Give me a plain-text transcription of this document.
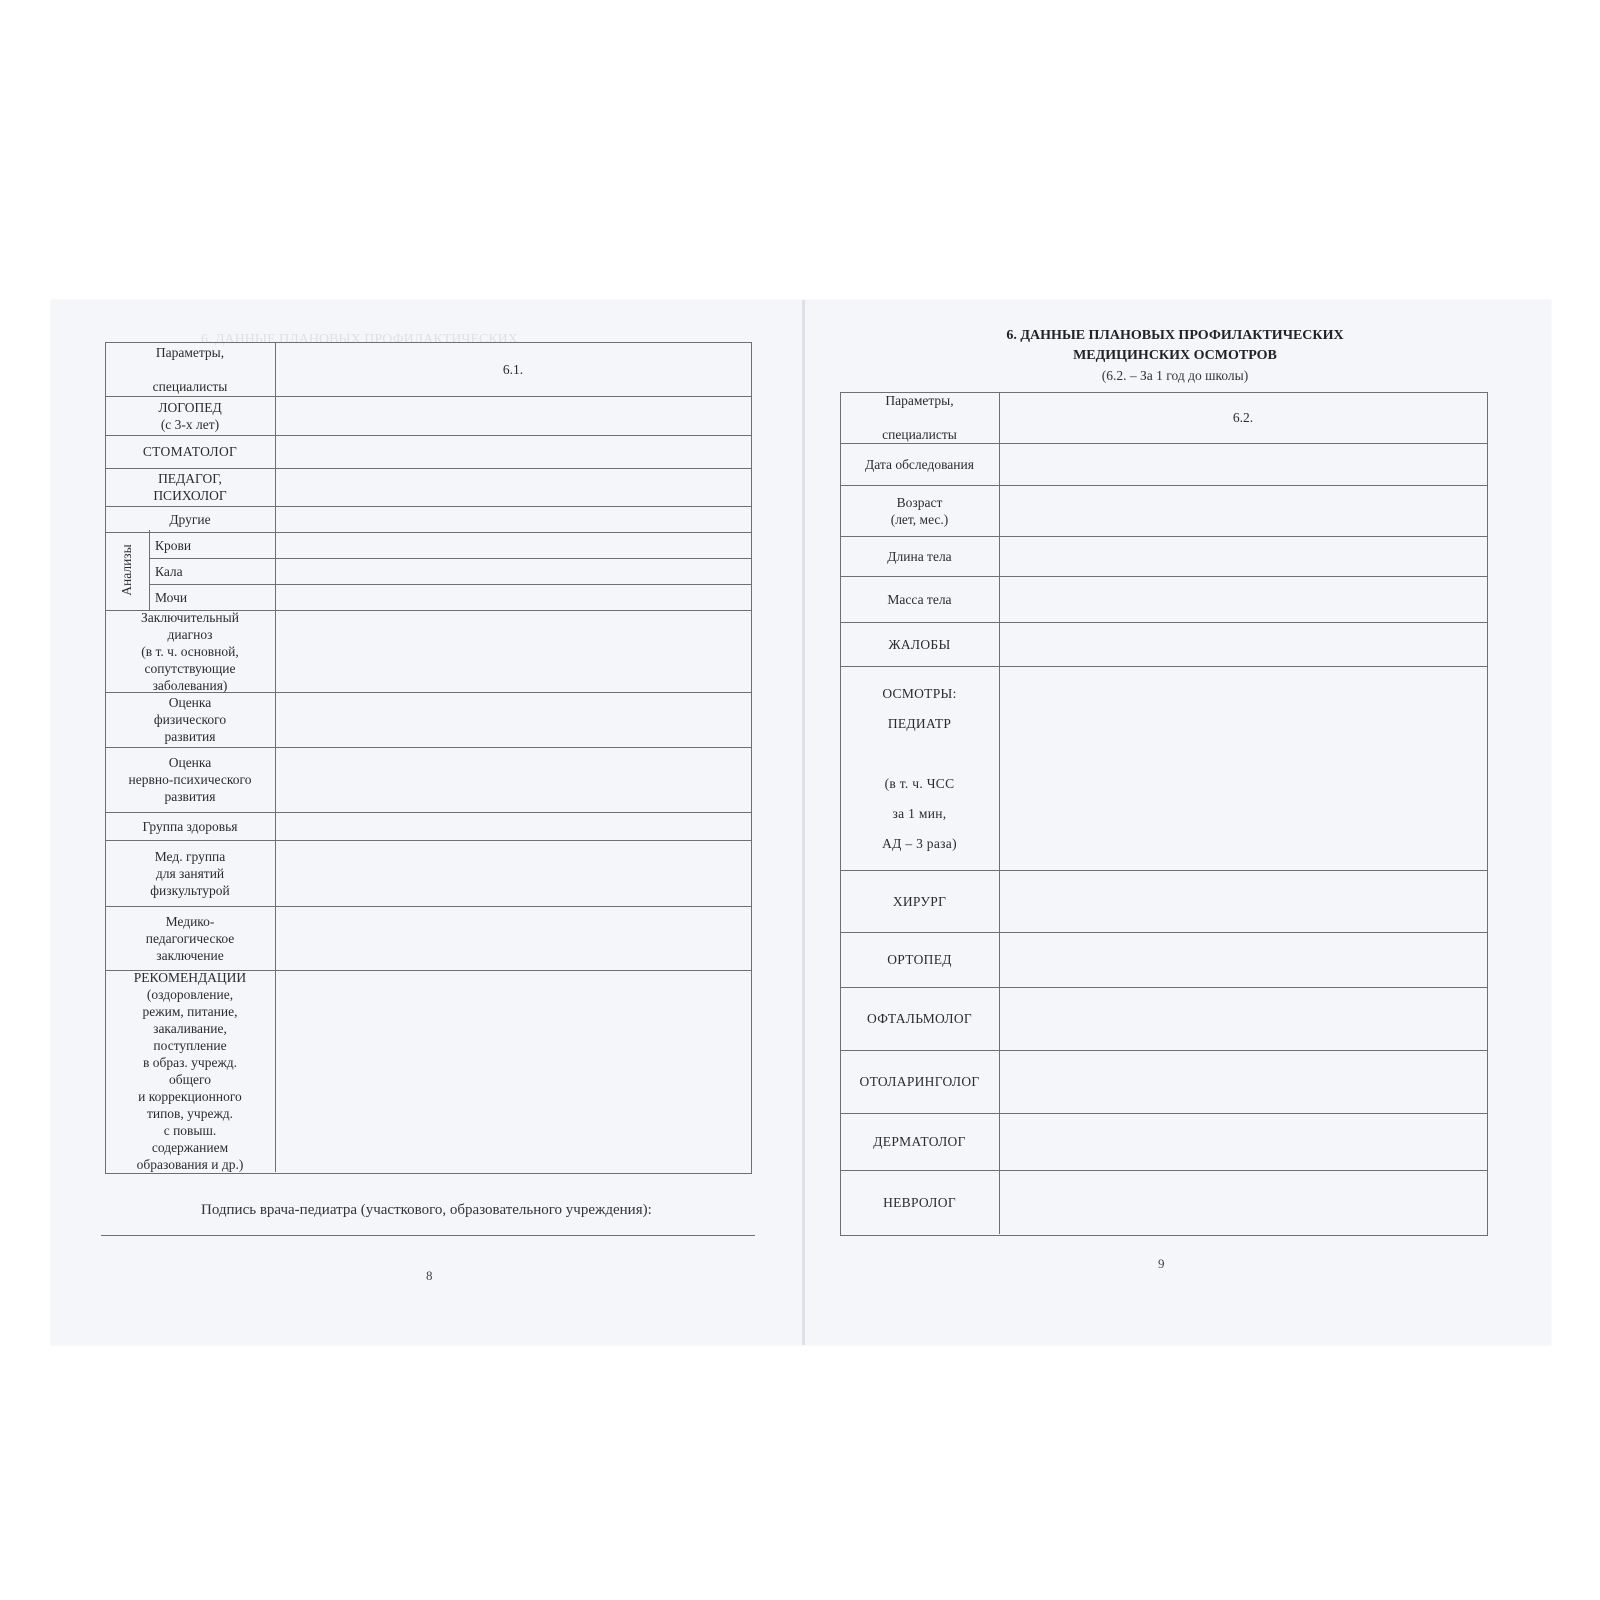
6. ДАННЫЕ ПЛАНОВЫХ ПРОФИЛАКТИЧЕСКИХ
Параметры,

специалисты
6.1.
ЛОГОПЕД
(с 3-х лет)
СТОМАТОЛОГ
ПЕДАГОГ,
ПСИХОЛОГ
Другие
Анализы Крови
Кала
Мочи
Заключительный
диагноз
(в т. ч. основной,
сопутствующие
заболевания)
Оценка
физического
развития
Оценка
нервно-психического
развития
Группа здоровья
Мед. группа
для занятий
физкультурой
Медико-
педагогическое
заключение
РЕКОМЕНДАЦИИ
(оздоровление,
режим, питание,
закаливание,
поступление
в образ. учрежд.
общего
и коррекционного
типов, учрежд.
с повыш.
содержанием
образования и др.)
Подпись врача-педиатра (участкового, образовательного учреждения):
8
6. ДАННЫЕ ПЛАНОВЫХ ПРОФИЛАКТИЧЕСКИХ
МЕДИЦИНСКИХ ОСМОТРОВ
(6.2. – За 1 год до школы)
Параметры,

специалисты
6.2.
Дата обследования
Возраст
(лет, мес.)
Длина тела
Масса тела
ЖАЛОБЫ
ОСМОТРЫ:

ПЕДИАТР

(в т. ч. ЧСС

за 1 мин,

АД – 3 раза)
ХИРУРГ
ОРТОПЕД
ОФТАЛЬМОЛОГ
ОТОЛАРИНГОЛОГ
ДЕРМАТОЛОГ
НЕВРОЛОГ
9
